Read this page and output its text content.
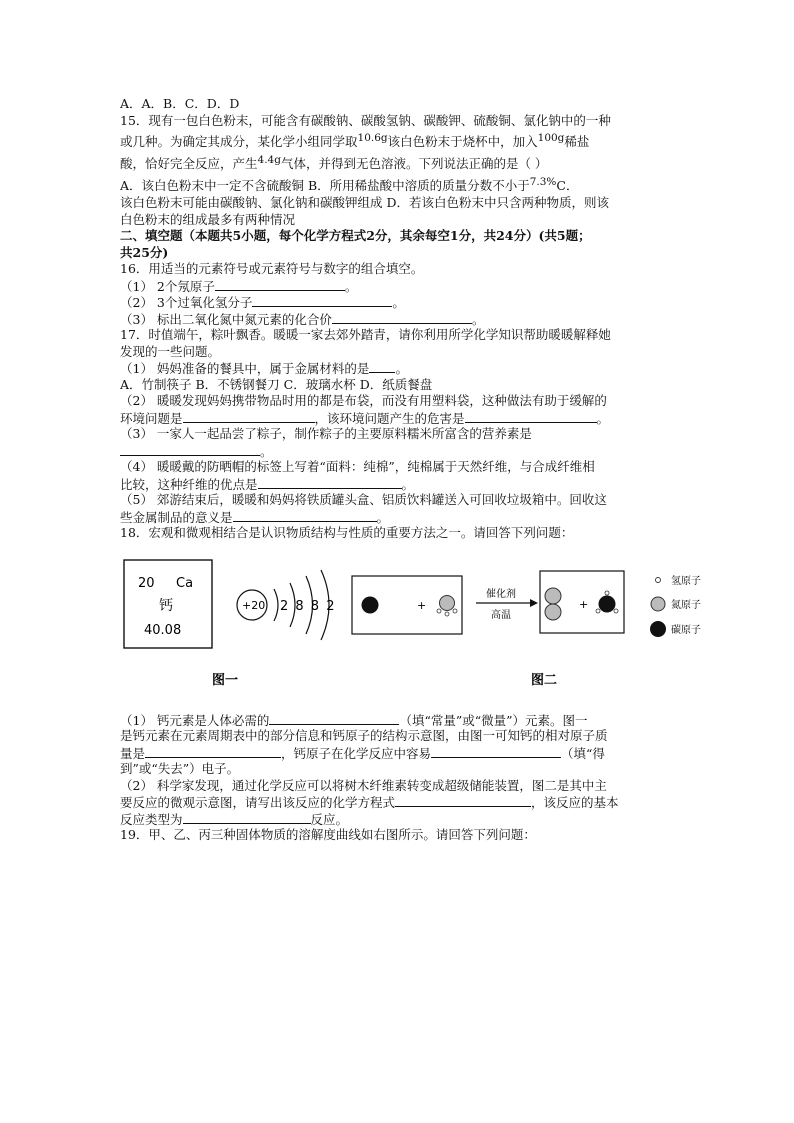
A．A．B．C．D．D
15．现有一包白色粉末，可能含有碳酸钠、碳酸氢钠、碳酸钾、硫酸铜、氯化钠中的一种
或几种。为确定其成分，某化学小组同学取$^{10.6g}$该白色粉末于烧杯中，加入$^{100g}$稀盐
酸，恰好完全反应，产生$^{4.4g}$气体，并得到无色溶液。下列说法正确的是（ ）
A．该白色粉末中一定不含硫酸铜 B．所用稀盐酸中溶质的质量分数不小于$^{7.3\%}$C．
该白色粉末可能由碳酸钠、氯化钠和碳酸钾组成 D．若该白色粉末中只含两种物质，则该
白色粉末的组成最多有两种情况
二、填空题（本题共5小题，每个化学方程式2分，其余每空1分，共24分）(共5题；
共25分)
16．用适当的元素符号或元素符号与数字的组合填空。
（1） 2个氖原子	。
（2） 3个过氧化氢分子	。
（3） 标出二氧化氮中氮元素的化合价	。
17．时值端午，粽叶飘香。暖暖一家去郊外踏青，请你利用所学化学知识帮助暖暖解释她
发现的一些问题。
（1） 妈妈准备的餐具中，属于金属材料的是 。
A．竹制筷子 B．不锈钢餐刀 C．玻璃水杯 D．纸质餐盘
（2） 暖暖发现妈妈携带物品时用的都是布袋，而没有用塑料袋，这种做法有助于缓解的
环境问题是	，该环境问题产生的危害是	。
（3） 一家人一起品尝了粽子，制作粽子的主要原料糯米所富含的营养素是
。
（4） 暖暖戴的防晒帽的标签上写着“面料：纯棉”，纯棉属于天然纤维，与合成纤维相
比较，这种纤维的优点是	。
（5） 郊游结束后，暖暖和妈妈将铁质罐头盒、铝质饮料罐送入可回收垃圾箱中。回收这
些金属制品的意义是	。
18．宏观和微观相结合是认识物质结构与性质的重要方法之一。请回答下列问题：
20 Ca
钙
40.08
+20 2 8 8 2
图一
+
催化剂
高温
+
氢原子
氮原子
碳原子
图二
（1） 钙元素是人体必需的	（填“常量”或“微量”）元素。图一
是钙元素在元素周期表中的部分信息和钙原子的结构示意图，由图一可知钙的相对原子质
量是	，钙原子在化学反应中容易	（填“得
到”或“失去”）电子。
（2） 科学家发现，通过化学反应可以将树木纤维素转变成超级储能装置，图二是其中主
要反应的微观示意图，请写出该反应的化学方程式	，该反应的基本
反应类型为	反应。
19．甲、乙、丙三种固体物质的溶解度曲线如右图所示。请回答下列问题：
